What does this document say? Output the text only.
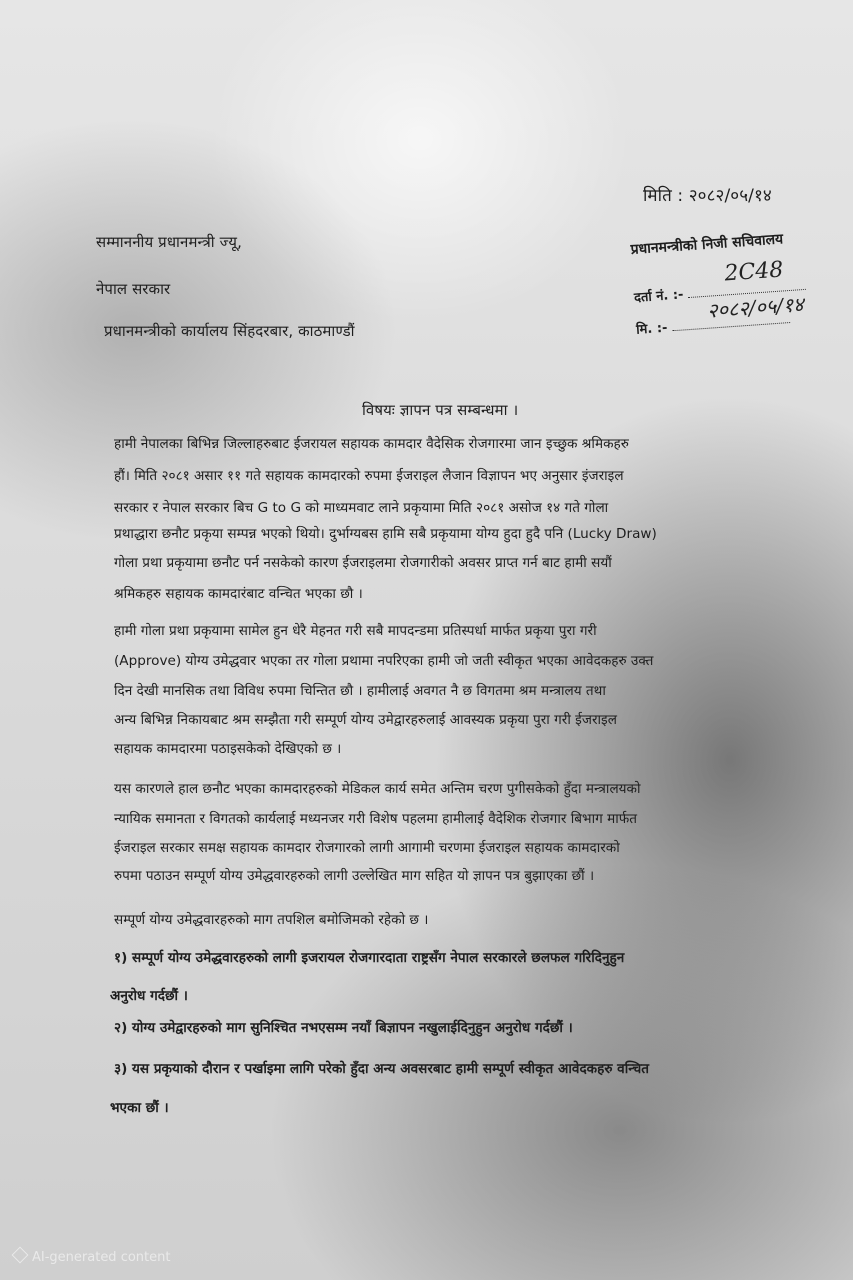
मिति : २०८२/०५/१४
सम्माननीय प्रधानमन्त्री ज्यू,
नेपाल सरकार
प्रधानमन्त्रीको कार्यालय सिंहदरबार, काठमाण्डौं
प्रधानमन्त्रीको निजी सचिवालय
दर्ता नं. :-
मि. :-
2C48
२०८२/०५/१४
विषयः ज्ञापन पत्र सम्बन्धमा ।
हामी नेपालका बिभिन्न जिल्लाहरुबाट ईजरायल सहायक कामदार वैदेसिक रोजगारमा जान इच्छुक श्रमिकहरु
हौं। मिति २०८१ असार ११ गते सहायक कामदारको रुपमा ईजराइल लैजान विज्ञापन भए अनुसार इंजराइल
सरकार र नेपाल सरकार बिच G to G को माध्यमवाट लाने प्रकृयामा मिति २०८१ असोज १४ गते गोला
प्रथाद्धारा छनौट प्रकृया सम्पन्न भएको थियो। दुर्भाग्यबस हामि सबै प्रकृयामा योग्य हुदा हुदै पनि (Lucky Draw)
गोला प्रथा प्रकृयामा छनौट पर्न नसकेको कारण ईजराइलमा रोजगारीको अवसर प्राप्त गर्न बाट हामी सयौं
श्रमिकहरु सहायक कामदारंबाट वन्चित भएका छौ ।
हामी गोला प्रथा प्रकृयामा सामेल हुन धेरै मेहनत गरी सबै मापदन्डमा प्रतिस्पर्धा मार्फत प्रकृया पुरा गरी
(Approve) योग्य उमेद्धवार भएका तर गोला प्रथामा नपरिएका हामी जो जती स्वीकृत भएका आवेदकहरु उक्त
दिन देखी मानसिक तथा विविध रुपमा चिन्तित छौ । हामीलाई अवगत नै छ विगतमा श्रम मन्त्रालय तथा
अन्य बिभिन्न निकायबाट श्रम सम्झैता गरी सम्पूर्ण योग्य उमेद्वारहरुलाई आवस्यक प्रकृया पुरा गरी ईजराइल
सहायक कामदारमा पठाइसकेको देखिएको छ ।
यस कारणले हाल छनौट भएका कामदारहरुको मेडिकल कार्य समेत अन्तिम चरण पुगीसकेको हुँदा मन्त्रालयको
न्यायिक समानता र विगतको कार्यलाई मध्यनजर गरी विशेष पहलमा हामीलाई वैदेशिक रोजगार बिभाग मार्फत
ईजराइल सरकार समक्ष सहायक कामदार रोजगारको लागी आगामी चरणमा ईजराइल सहायक कामदारको
रुपमा पठाउन सम्पूर्ण योग्य उमेद्धवारहरुको लागी उल्लेखित माग सहित यो ज्ञापन पत्र बुझाएका छौं ।
सम्पूर्ण योग्य उमेद्धवारहरुको माग तपशिल बमोजिमको रहेको छ ।
१) सम्पूर्ण योग्य उमेद्धवारहरुको लागी इजरायल रोजगारदाता राष्ट्रसँग नेपाल सरकारले छलफल गरिदिनुहुन
अनुरोध गर्दछौं ।
२) योग्य उमेद्वारहरुको माग सुनिश्चित नभएसम्म नयाँ बिज्ञापन नखुलाईदिनुहुन अनुरोध गर्दछौं ।
३) यस प्रकृयाको दौरान र पर्खाइमा लागि परेको हुँदा अन्य अवसरबाट हामी सम्पूर्ण स्वीकृत आवेदकहरु वन्चित
भएका छौं ।
AI-generated content
